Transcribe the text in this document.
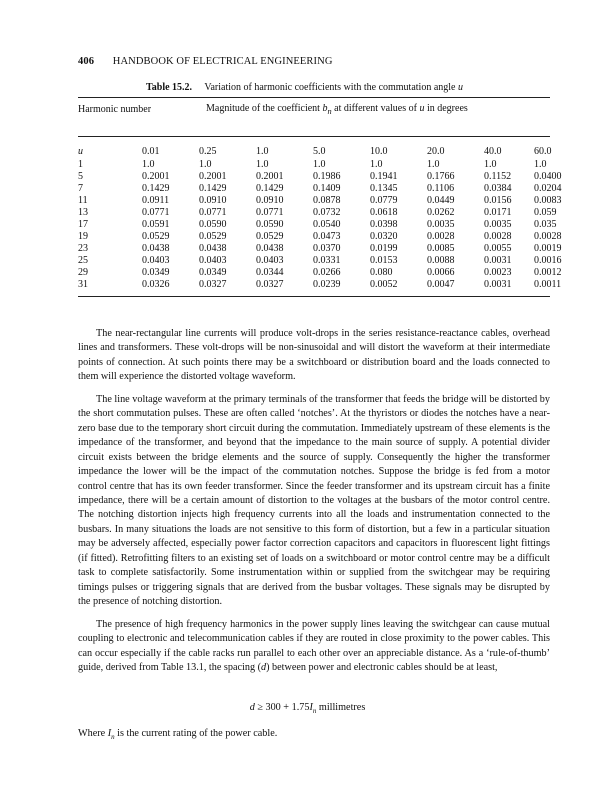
406 HANDBOOK OF ELECTRICAL ENGINEERING
Table 15.2. Variation of harmonic coefficients with the commutation angle u
Harmonic number	Magnitude of the coefficient $b_n$ at different values of u in degrees
u	0.01	0.25	1.0	5.0	10.0	20.0	40.0	60.0
1	1.0	1.0	1.0	1.0	1.0	1.0	1.0	1.0
5	0.2001	0.2001	0.2001	0.1986	0.1941	0.1766	0.1152	0.0400
7	0.1429	0.1429	0.1429	0.1409	0.1345	0.1106	0.0384	0.0204
11	0.0911	0.0910	0.0910	0.0878	0.0779	0.0449	0.0156	0.0083
13	0.0771	0.0771	0.0771	0.0732	0.0618	0.0262	0.0171	0.059
17	0.0591	0.0590	0.0590	0.0540	0.0398	0.0035	0.0035	0.035
19	0.0529	0.0529	0.0529	0.0473	0.0320	0.0028	0.0028	0.0028
23	0.0438	0.0438	0.0438	0.0370	0.0199	0.0085	0.0055	0.0019
25	0.0403	0.0403	0.0403	0.0331	0.0153	0.0088	0.0031	0.0016
29	0.0349	0.0349	0.0344	0.0266	0.080	0.0066	0.0023	0.0012
31	0.0326	0.0327	0.0327	0.0239	0.0052	0.0047	0.0031	0.0011

The near-rectangular line currents will produce volt-drops in the series resistance-reactance cables, overhead lines and transformers. These volt-drops will be non-sinusoidal and will distort the waveform at their intermediate points of connection. At such points there may be a switchboard or distribution board and the loads connected to them will experience the distorted voltage waveform.

The line voltage waveform at the primary terminals of the transformer that feeds the bridge will be distorted by the short commutation pulses. These are often called ‘notches’. At the thyristors or diodes the notches have a near-zero base due to the temporary short circuit during the commutation. Immediately upstream of these elements is the impedance of the transformer, and beyond that the impedance to the main source of supply. A potential divider circuit exists between the bridge elements and the source of supply. Consequently the higher the transformer impedance the lower will be the impact of the commutation notches. Suppose the bridge is fed from a motor control centre that has its own feeder transformer. Since the feeder transformer and its upstream circuit has a finite impedance, there will be a certain amount of distortion to the voltages at the busbars of the motor control centre. The notching distortion injects high frequency currents into all the loads and instrumentation connected to the busbars. In many situations the loads are not sensitive to this form of distortion, but a few in a particular situation may be adversely affected, especially power factor correction capacitors and capacitors in fluorescent light fittings (if fitted). Retrofitting filters to an existing set of loads on a switchboard or motor control centre may be a difficult task to complete satisfactorily. Some instrumentation within or supplied from the switchgear may be requiring timings pulses or triggering signals that are derived from the busbar voltages. These signals may be disrupted by the presence of notching distortion.

The presence of high frequency harmonics in the power supply lines leaving the switchgear can cause mutual coupling to electronic and telecommunication cables if they are routed in close proximity to the power cables. This can occur especially if the cable racks run parallel to each other over an appreciable distance. As a ‘rule-of-thumb’ guide, derived from Table 13.1, the spacing (d) between power and electronic cables should be at least,

$d \ge 300 + 1.75I_n$ millimetres
Where $I_n$ is the current rating of the power cable.
